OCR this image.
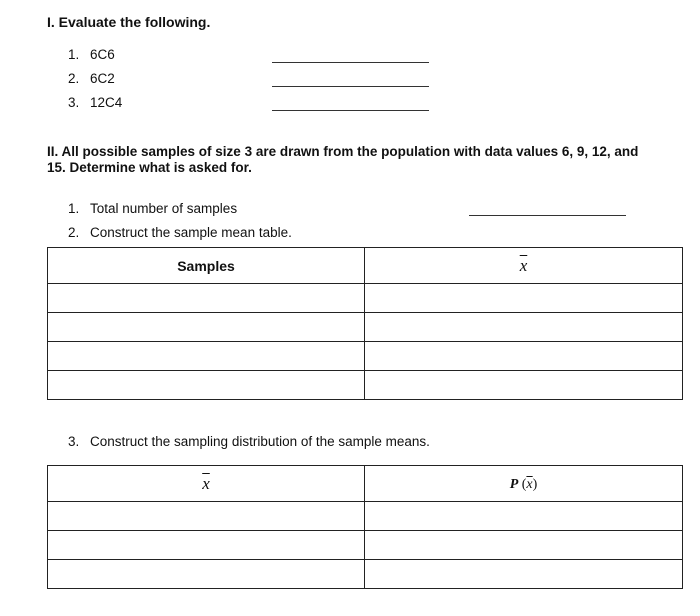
I. Evaluate the following.
1. 6C6
2. 6C2
3. 12C4
II. All possible samples of size 3 are drawn from the population with data values 6, 9, 12, and
15. Determine what is asked for.
1. Total number of samples
2. Construct the sample mean table.
Samples	$\overline{x}$

3. Construct the sampling distribution of the sample means.
$\overline{x}$	P $(\overline{x})$
